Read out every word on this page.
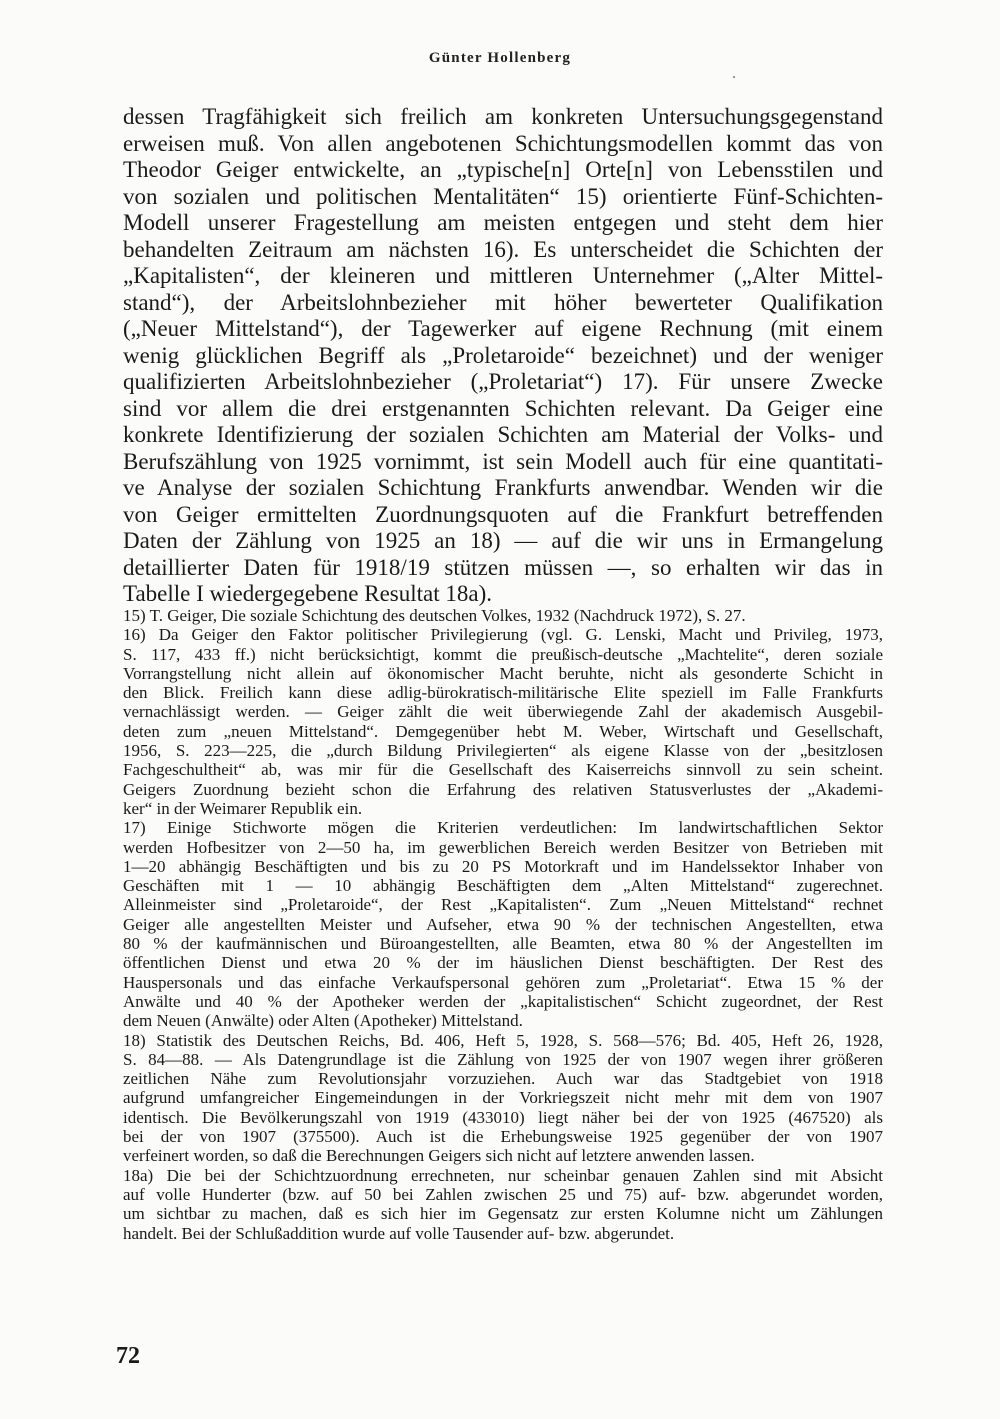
Günter Hollenberg
dessen Tragfähigkeit sich freilich am konkreten Untersuchungsgegenstand
erweisen muß. Von allen angebotenen Schichtungsmodellen kommt das von
Theodor Geiger entwickelte, an „typische[n] Orte[n] von Lebensstilen und
von sozialen und politischen Mentalitäten“ 15) orientierte Fünf-Schichten-
Modell unserer Fragestellung am meisten entgegen und steht dem hier
behandelten Zeitraum am nächsten 16). Es unterscheidet die Schichten der
„Kapitalisten“, der kleineren und mittleren Unternehmer („Alter Mittel-
stand“), der Arbeitslohnbezieher mit höher bewerteter Qualifikation
(„Neuer Mittelstand“), der Tagewerker auf eigene Rechnung (mit einem
wenig glücklichen Begriff als „Proletaroide“ bezeichnet) und der weniger
qualifizierten Arbeitslohnbezieher („Proletariat“) 17). Für unsere Zwecke
sind vor allem die drei erstgenannten Schichten relevant. Da Geiger eine
konkrete Identifizierung der sozialen Schichten am Material der Volks- und
Berufszählung von 1925 vornimmt, ist sein Modell auch für eine quantitati-
ve Analyse der sozialen Schichtung Frankfurts anwendbar. Wenden wir die
von Geiger ermittelten Zuordnungsquoten auf die Frankfurt betreffenden
Daten der Zählung von 1925 an 18) — auf die wir uns in Ermangelung
detaillierter Daten für 1918/19 stützen müssen —, so erhalten wir das in
Tabelle I wiedergegebene Resultat 18a).
15) T. Geiger, Die soziale Schichtung des deutschen Volkes, 1932 (Nachdruck 1972), S. 27.
16) Da Geiger den Faktor politischer Privilegierung (vgl. G. Lenski, Macht und Privileg, 1973,
S. 117, 433 ff.) nicht berücksichtigt, kommt die preußisch-deutsche „Machtelite“, deren soziale
Vorrangstellung nicht allein auf ökonomischer Macht beruhte, nicht als gesonderte Schicht in
den Blick. Freilich kann diese adlig-bürokratisch-militärische Elite speziell im Falle Frankfurts
vernachlässigt werden. — Geiger zählt die weit überwiegende Zahl der akademisch Ausgebil-
deten zum „neuen Mittelstand“. Demgegenüber hebt M. Weber, Wirtschaft und Gesellschaft,
1956, S. 223—225, die „durch Bildung Privilegierten“ als eigene Klasse von der „besitzlosen
Fachgeschultheit“ ab, was mir für die Gesellschaft des Kaiserreichs sinnvoll zu sein scheint.
Geigers Zuordnung bezieht schon die Erfahrung des relativen Statusverlustes der „Akademi-
ker“ in der Weimarer Republik ein.
17) Einige Stichworte mögen die Kriterien verdeutlichen: Im landwirtschaftlichen Sektor
werden Hofbesitzer von 2—50 ha, im gewerblichen Bereich werden Besitzer von Betrieben mit
1—20 abhängig Beschäftigten und bis zu 20 PS Motorkraft und im Handelssektor Inhaber von
Geschäften mit 1 — 10 abhängig Beschäftigten dem „Alten Mittelstand“ zugerechnet.
Alleinmeister sind „Proletaroide“, der Rest „Kapitalisten“. Zum „Neuen Mittelstand“ rechnet
Geiger alle angestellten Meister und Aufseher, etwa 90 % der technischen Angestellten, etwa
80 % der kaufmännischen und Büroangestellten, alle Beamten, etwa 80 % der Angestellten im
öffentlichen Dienst und etwa 20 % der im häuslichen Dienst beschäftigten. Der Rest des
Hauspersonals und das einfache Verkaufspersonal gehören zum „Proletariat“. Etwa 15 % der
Anwälte und 40 % der Apotheker werden der „kapitalistischen“ Schicht zugeordnet, der Rest
dem Neuen (Anwälte) oder Alten (Apotheker) Mittelstand.
18) Statistik des Deutschen Reichs, Bd. 406, Heft 5, 1928, S. 568—576; Bd. 405, Heft 26, 1928,
S. 84—88. — Als Datengrundlage ist die Zählung von 1925 der von 1907 wegen ihrer größeren
zeitlichen Nähe zum Revolutionsjahr vorzuziehen. Auch war das Stadtgebiet von 1918
aufgrund umfangreicher Eingemeindungen in der Vorkriegszeit nicht mehr mit dem von 1907
identisch. Die Bevölkerungszahl von 1919 (433010) liegt näher bei der von 1925 (467520) als
bei der von 1907 (375500). Auch ist die Erhebungsweise 1925 gegenüber der von 1907
verfeinert worden, so daß die Berechnungen Geigers sich nicht auf letztere anwenden lassen.
18a) Die bei der Schichtzuordnung errechneten, nur scheinbar genauen Zahlen sind mit Absicht
auf volle Hunderter (bzw. auf 50 bei Zahlen zwischen 25 und 75) auf- bzw. abgerundet worden,
um sichtbar zu machen, daß es sich hier im Gegensatz zur ersten Kolumne nicht um Zählungen
handelt. Bei der Schlußaddition wurde auf volle Tausender auf- bzw. abgerundet.
72
